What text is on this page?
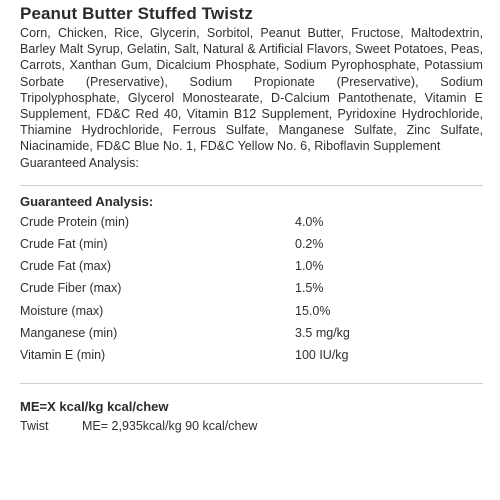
Peanut Butter Stuffed Twistz

Corn, Chicken, Rice, Glycerin, Sorbitol, Peanut Butter, Fructose, Maltodextrin, Barley Malt Syrup, Gelatin, Salt, Natural & Artificial Flavors, Sweet Potatoes, Peas, Carrots, Xanthan Gum, Dicalcium Phosphate, Sodium Pyrophosphate, Potassium Sorbate (Preservative), Sodium Propionate (Preservative), Sodium Tripolyphosphate, Glycerol Monostearate, D-Calcium Pantothenate, Vitamin E Supplement, FD&C Red 40, Vitamin B12 Supplement, Pyridoxine Hydrochloride, Thiamine Hydrochloride, Ferrous Sulfate, Manganese Sulfate, Zinc Sulfate, Niacinamide, FD&C Blue No. 1, FD&C Yellow No. 6, Riboflavin Supplement

Guaranteed Analysis:
Guaranteed Analysis:
Crude Protein (min)	4.0%
Crude Fat (min)	0.2%
Crude Fat (max)	1.0%
Crude Fiber (max)	1.5%
Moisture (max)	15.0%
Manganese (min)	3.5 mg/kg
Vitamin E (min)	100 IU/kg
ME=X kcal/kg kcal/chew
Twist	ME= 2,935kcal/kg 90 kcal/chew
